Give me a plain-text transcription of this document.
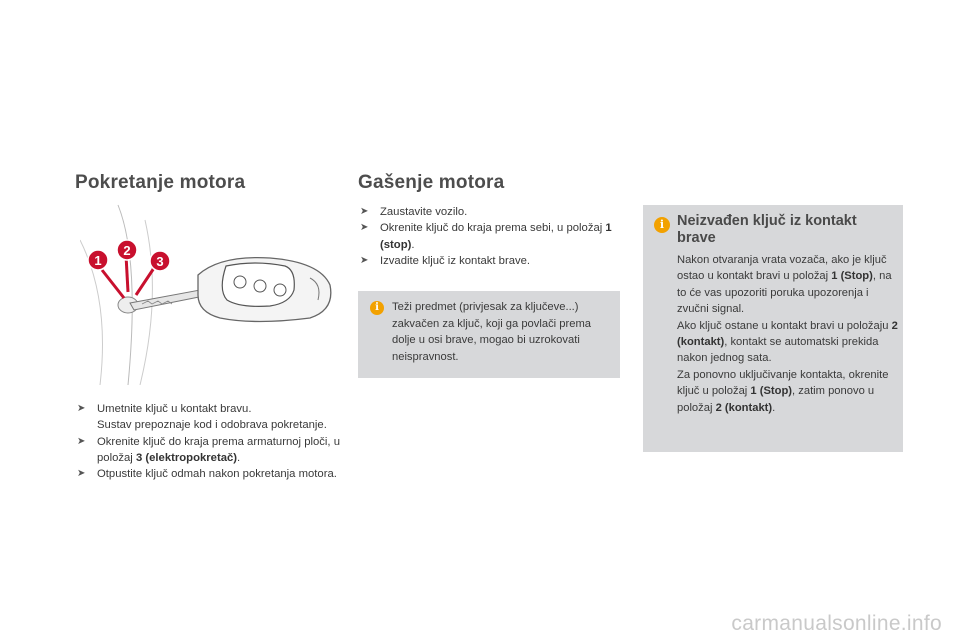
Pokretanje motora	Gašenje motora
1
2
3
➤ Umetnite ključ u kontakt bravu.
Sustav prepoznaje kod i odobrava pokretanje.
➤ Okrenite ključ do kraja prema armaturnoj ploči, u položaj 3 (elektropokretač).
➤ Otpustite ključ odmah nakon pokretanja motora.
➤ Zaustavite vozilo.
➤ Okrenite ključ do kraja prema sebi, u položaj 1 (stop).
➤ Izvadite ključ iz kontakt brave.
i	Teži predmet (privjesak za ključeve...) zakvačen za ključ, koji ga povlači prema dolje u osi brave, mogao bi uzrokovati neispravnost.
i Neizvađen ključ iz kontakt brave
Nakon otvaranja vrata vozača, ako je ključ ostao u kontakt bravi u položaj 1 (Stop), na to će vas upozoriti poruka upozorenja i zvučni signal.
Ako ključ ostane u kontakt bravi u položaju 2 (kontakt), kontakt se automatski prekida nakon jednog sata.
Za ponovno uključivanje kontakta, okrenite ključ u položaj 1 (Stop), zatim ponovo u položaj 2 (kontakt).
carmanualsonline.info
